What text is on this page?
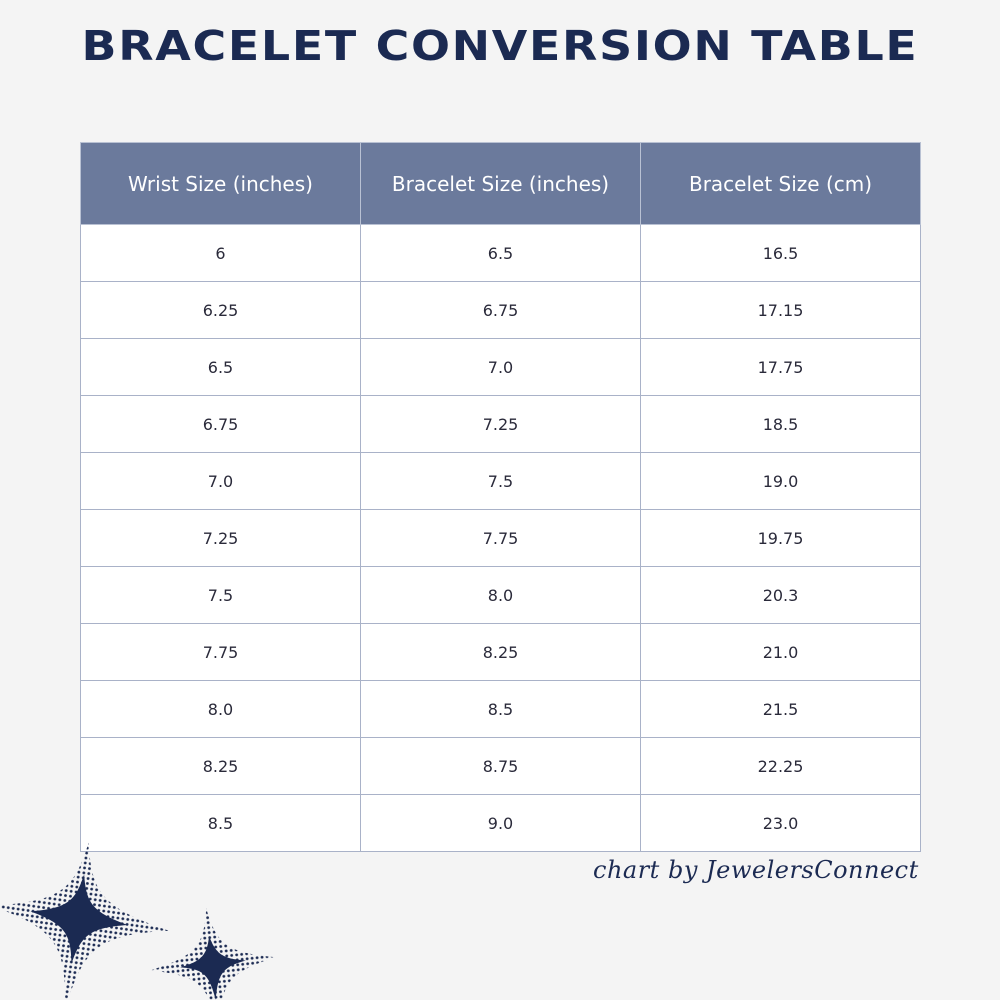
BRACELET CONVERSION TABLE
Wrist Size (inches)	Bracelet Size (inches)	Bracelet Size (cm)
6	6.5	16.5
6.25	6.75	17.15
6.5	7.0	17.75
6.75	7.25	18.5
7.0	7.5	19.0
7.25	7.75	19.75
7.5	8.0	20.3
7.75	8.25	21.0
8.0	8.5	21.5
8.25	8.75	22.25
8.5	9.0	23.0
chart by JewelersConnect
